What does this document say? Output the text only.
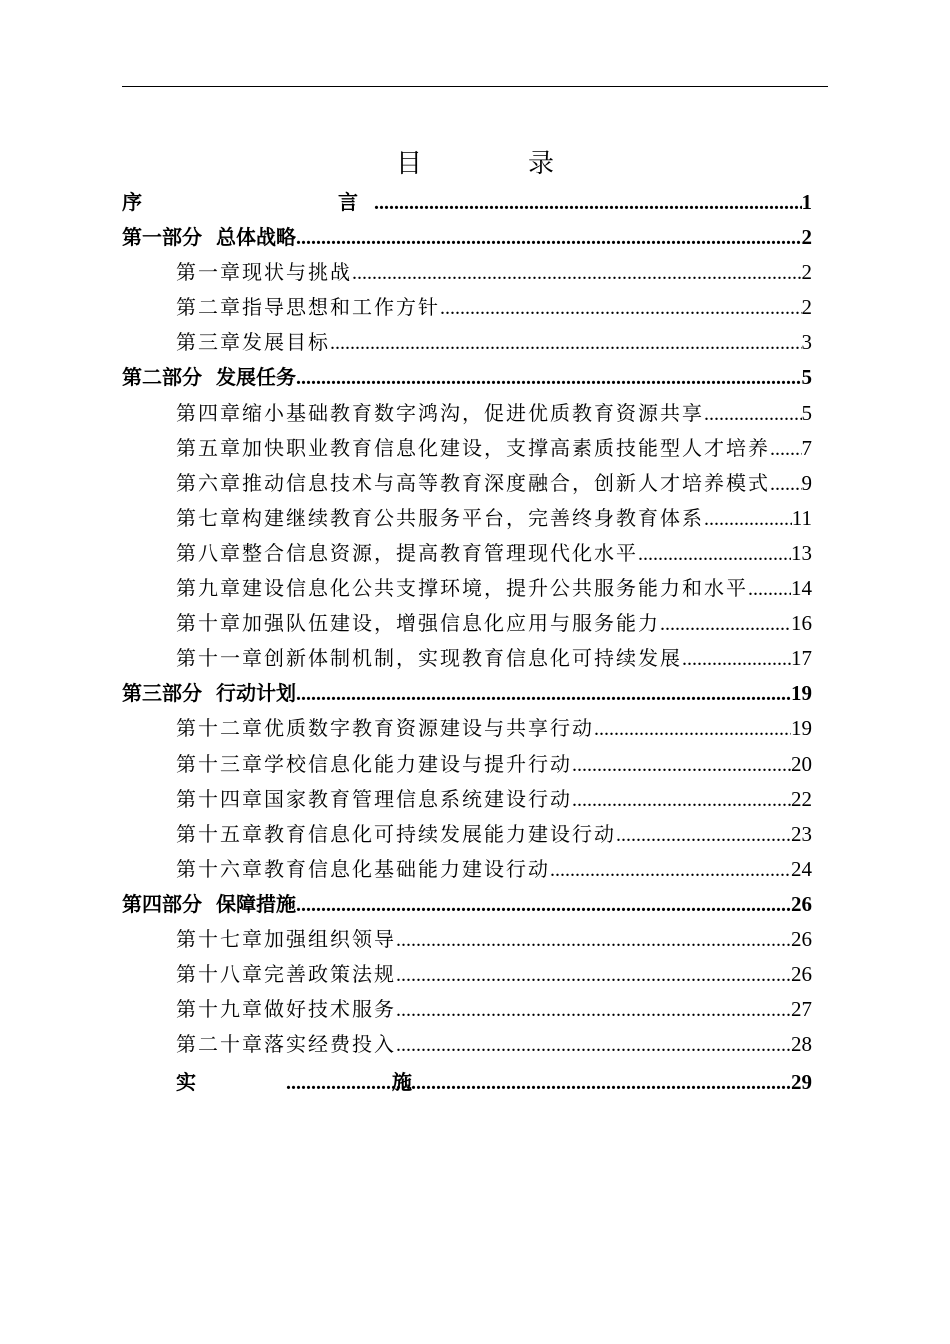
目　录
序　　言 .....	1
第一部分 总体战略 .....	2
第一章 现状与挑战 .....	2
第二章 指导思想和工作方针 .....	2
第三章 发展目标 .....	3
第二部分 发展任务 .....	5
第四章 缩小基础教育数字鸿沟，促进优质教育资源共享 .....	5
第五章 加快职业教育信息化建设，支撑高素质技能型人才培养 ..... 7
第六章 推动信息技术与高等教育深度融合，创新人才培养模式 ..... 9
第七章 构建继续教育公共服务平台，完善终身教育体系 .....	11
第八章 整合信息资源，提高教育管理现代化水平 .....	13
第九章 建设信息化公共支撑环境，提升公共服务能力和水平 ..... 14
第十章 加强队伍建设，增强信息化应用与服务能力 .....	16
第十一章 创新体制机制，实现教育信息化可持续发展 .....	17
第三部分 行动计划 .....	19
第十二章 优质数字教育资源建设与共享行动 .....	19
第十三章 学校信息化能力建设与提升行动 .....	20
第十四章 国家教育管理信息系统建设行动 .....	22
第十五章 教育信息化可持续发展能力建设行动 .....	23
第十六章 教育信息化基础能力建设行动 .....	24
第四部分 保障措施 .....	26
第十七章 加强组织领导 .....	26
第十八章 完善政策法规 .....	26
第十九章 做好技术服务 .....	27
第二十章 落实经费投入 .....	28
实　　施 .....	29
